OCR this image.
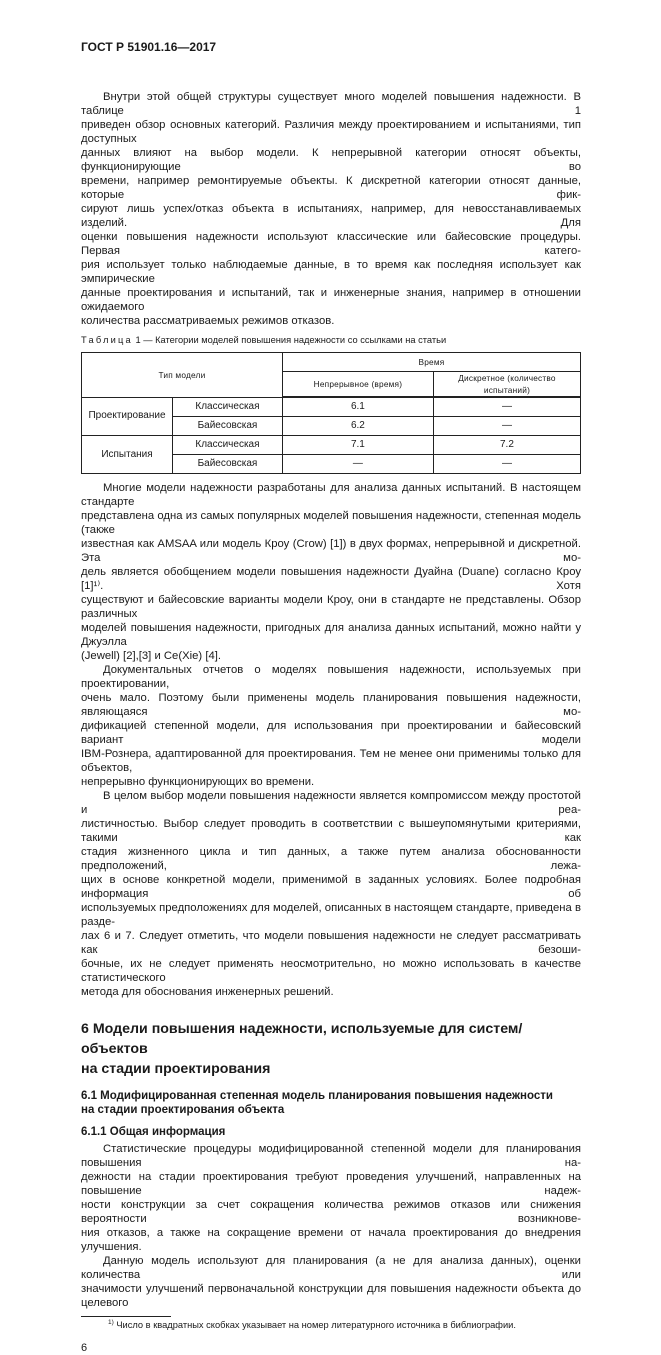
ГОСТ Р 51901.16—2017
Внутри этой общей структуры существует много моделей повышения надежности. В таблице 1
приведен обзор основных категорий. Различия между проектированием и испытаниями, тип доступных
данных влияют на выбор модели. К непрерывной категории относят объекты, функционирующие во
времени, например ремонтируемые объекты. К дискретной категории относят данные, которые фик-
сируют лишь успех/отказ объекта в испытаниях, например, для невосстанавливаемых изделий. Для
оценки повышения надежности используют классические или байесовские процедуры. Первая катего-
рия использует только наблюдаемые данные, в то время как последняя использует как эмпирические
данные проектирования и испытаний, так и инженерные знания, например в отношении ожидаемого
количества рассматриваемых режимов отказов.
Таблица 1 — Категории моделей повышения надежности со ссылками на статьи
Тип модели		Время	
		Непрерывное (время)	Дискретное (количество испытаний)
Проектирование	Классическая	6.1	—
	Байесовская	6.2	—
Испытания	Классическая	7.1	7.2
	Байесовская	—	—
Многие модели надежности разработаны для анализа данных испытаний. В настоящем стандарте
представлена одна из самых популярных моделей повышения надежности, степенная модель (также
известная как AMSAA или модель Кроу (Crow) [1]) в двух формах, непрерывной и дискретной. Эта мо-
дель является обобщением модели повышения надежности Дуайна (Duane) согласно Кроу [1]¹⁾. Хотя
существуют и байесовские варианты модели Кроу, они в стандарте не представлены. Обзор различных
моделей повышения надежности, пригодных для анализа данных испытаний, можно найти у Джуэлла
(Jewell) [2],[3] и Се(Xie) [4].
Документальных отчетов о моделях повышения надежности, используемых при проектировании,
очень мало. Поэтому были применены модель планирования повышения надежности, являющаяся мо-
дификацией степенной модели, для использования при проектировании и байесовский вариант модели
IBM-Рознера, адаптированной для проектирования. Тем не менее они применимы только для объектов,
непрерывно функционирующих во времени.
В целом выбор модели повышения надежности является компромиссом между простотой и реа-
листичностью. Выбор следует проводить в соответствии с вышеупомянутыми критериями, такими как
стадия жизненного цикла и тип данных, а также путем анализа обоснованности предположений, лежа-
щих в основе конкретной модели, применимой в заданных условиях. Более подробная информация об
используемых предположениях для моделей, описанных в настоящем стандарте, приведена в разде-
лах 6 и 7. Следует отметить, что модели повышения надежности не следует рассматривать как безоши-
бочные, их не следует применять неосмотрительно, но можно использовать в качестве статистического
метода для обоснования инженерных решений.
6 Модели повышения надежности, используемые для систем/объектов
на стадии проектирования
6.1 Модифицированная степенная модель планирования повышения надежности
на стадии проектирования объекта
6.1.1 Общая информация
Статистические процедуры модифицированной степенной модели для планирования повышения на-
дежности на стадии проектирования требуют проведения улучшений, направленных на повышение надеж-
ности конструкции за счет сокращения количества режимов отказов или снижения вероятности возникнове-
ния отказов, а также на сокращение времени от начала проектирования до внедрения улучшения.
Данную модель используют для планирования (а не для анализа данных), оценки количества или
значимости улучшений первоначальной конструкции для повышения надежности объекта до целевого
$^{1)}$ Число в квадратных скобках указывает на номер литературного источника в библиографии.
6
